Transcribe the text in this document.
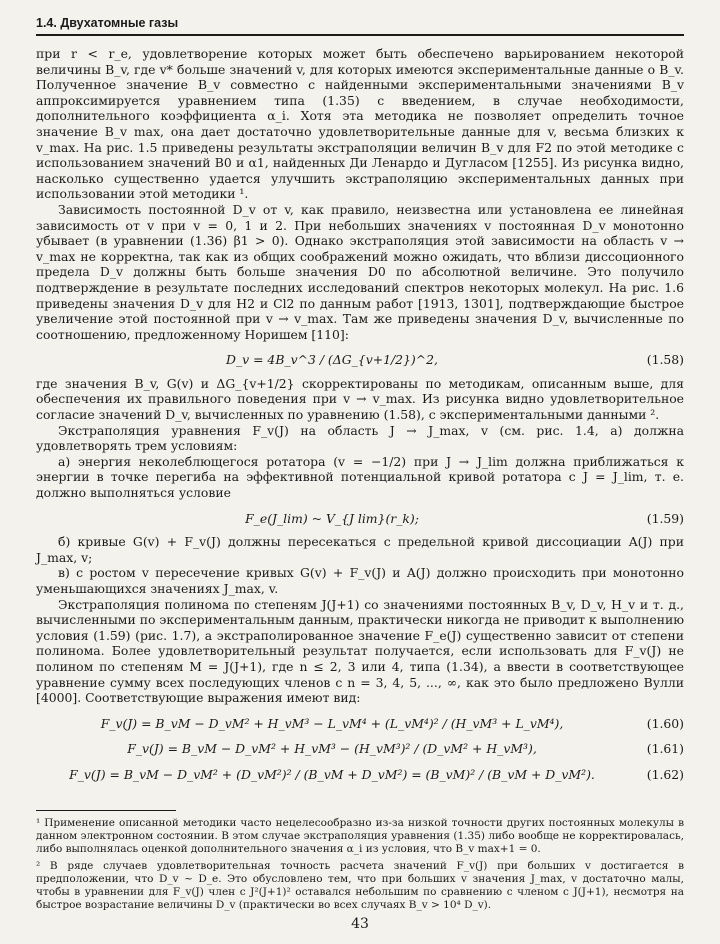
1.4. Двухатомные газы

при r < r_e, удовлетворение которых может быть обеспечено варьированием некоторой величины B_v, где v* больше значений v, для которых имеются экспериментальные данные о B_v. Полученное значение B_v совместно с найденными экспериментальными значениями B_v аппроксимируется уравнением типа (1.35) с введением, в случае необходимости, дополнительного коэффициента α_i. Хотя эта методика не позволяет определить точное значение B_v max, она дает достаточно удовлетворительные данные для v, весьма близких к v_max. На рис. 1.5 приведены результаты экстраполяции величин B_v для F2 по этой методике с использованием значений B0 и α1, найденных Ди Ленардо и Дугласом [1255]. Из рисунка видно, насколько существенно удается улучшить экстраполяцию экспериментальных данных при использовании этой методики ¹.

Зависимость постоянной D_v от v, как правило, неизвестна или установлена ее линейная зависимость от v при v = 0, 1 и 2. При небольших значениях v постоянная D_v монотонно убывает (в уравнении (1.36) β1 > 0). Однако экстраполяция этой зависимости на область v → v_max не корректна, так как из общих соображений можно ожидать, что вблизи диссоционного предела D_v должны быть больше значения D0 по абсолютной величине. Это получило подтверждение в результате последних исследований спектров некоторых молекул. На рис. 1.6 приведены значения D_v для H2 и Cl2 по данным работ [1913, 1301], подтверждающие быстрое увеличение этой постоянной при v → v_max. Там же приведены значения D_v, вычисленные по соотношению, предложенному Норишем [110]:

D_v = 4B_v^3 / (ΔG_{v+1/2})^2,	(1.58)

где значения B_v, G(v) и ΔG_{v+1/2} скорректированы по методикам, описанным выше, для обеспечения их правильного поведения при v → v_max. Из рисунка видно удовлетворительное согласие значений D_v, вычисленных по уравнению (1.58), с экспериментальными данными ².

Экстраполяция уравнения F_v(J) на область J → J_max, v (см. рис. 1.4, а) должна удовлетворять трем условиям:

а) энергия неколеблющегося ротатора (v = −1/2) при J → J_lim должна приближаться к энергии в точке перегиба на эффективной потенциальной кривой ротатора с J = J_lim, т. е. должно выполняться условие

F_e(J_lim) ~ V_{J lim}(r_k);	(1.59)

б) кривые G(v) + F_v(J) должны пересекаться с предельной кривой диссоциации A(J) при J_max, v;

в) с ростом v пересечение кривых G(v) + F_v(J) и A(J) должно происходить при монотонно уменьшающихся значениях J_max, v.

Экстраполяция полинома по степеням J(J+1) со значениями постоянных B_v, D_v, H_v и т. д., вычисленными по экспериментальным данным, практически никогда не приводит к выполнению условия (1.59) (рис. 1.7), а экстраполированное значение F_e(J) существенно зависит от степени полинома. Более удовлетворительный результат получается, если использовать для F_v(J) не полином по степеням M = J(J+1), где n ≤ 2, 3 или 4, типа (1.34), а ввести в соответствующее уравнение сумму всех последующих членов с n = 3, 4, 5, ..., ∞, как это было предложено Вулли [4000]. Соответствующие выражения имеют вид:

F_v(J) = B_vM − D_vM² + H_vM³ − L_vM⁴ + (L_vM⁴)² / (H_vM³ + L_vM⁴),	(1.60)
F_v(J) = B_vM − D_vM² + H_vM³ − (H_vM³)² / (D_vM² + H_vM³),	(1.61)
F_v(J) = B_vM − D_vM² + (D_vM²)² / (B_vM + D_vM²) = (B_vM)² / (B_vM + D_vM²).	(1.62)

¹ Применение описанной методики часто нецелесообразно из-за низкой точности других постоянных молекулы в данном электронном состоянии. В этом случае экстраполяция уравнения (1.35) либо вообще не корректировалась, либо выполнялась оценкой дополнительного значения α_i из условия, что B_v max+1 = 0.

² В ряде случаев удовлетворительная точность расчета значений F_v(J) при больших v достигается в предположении, что D_v ~ D_e. Это обусловлено тем, что при больших v значения J_max, v достаточно малы, чтобы в уравнении для F_v(J) член с J²(J+1)² оставался небольшим по сравнению с членом с J(J+1), несмотря на быстрое возрастание величины D_v (практически во всех случаях B_v > 10⁴ D_v).

43
